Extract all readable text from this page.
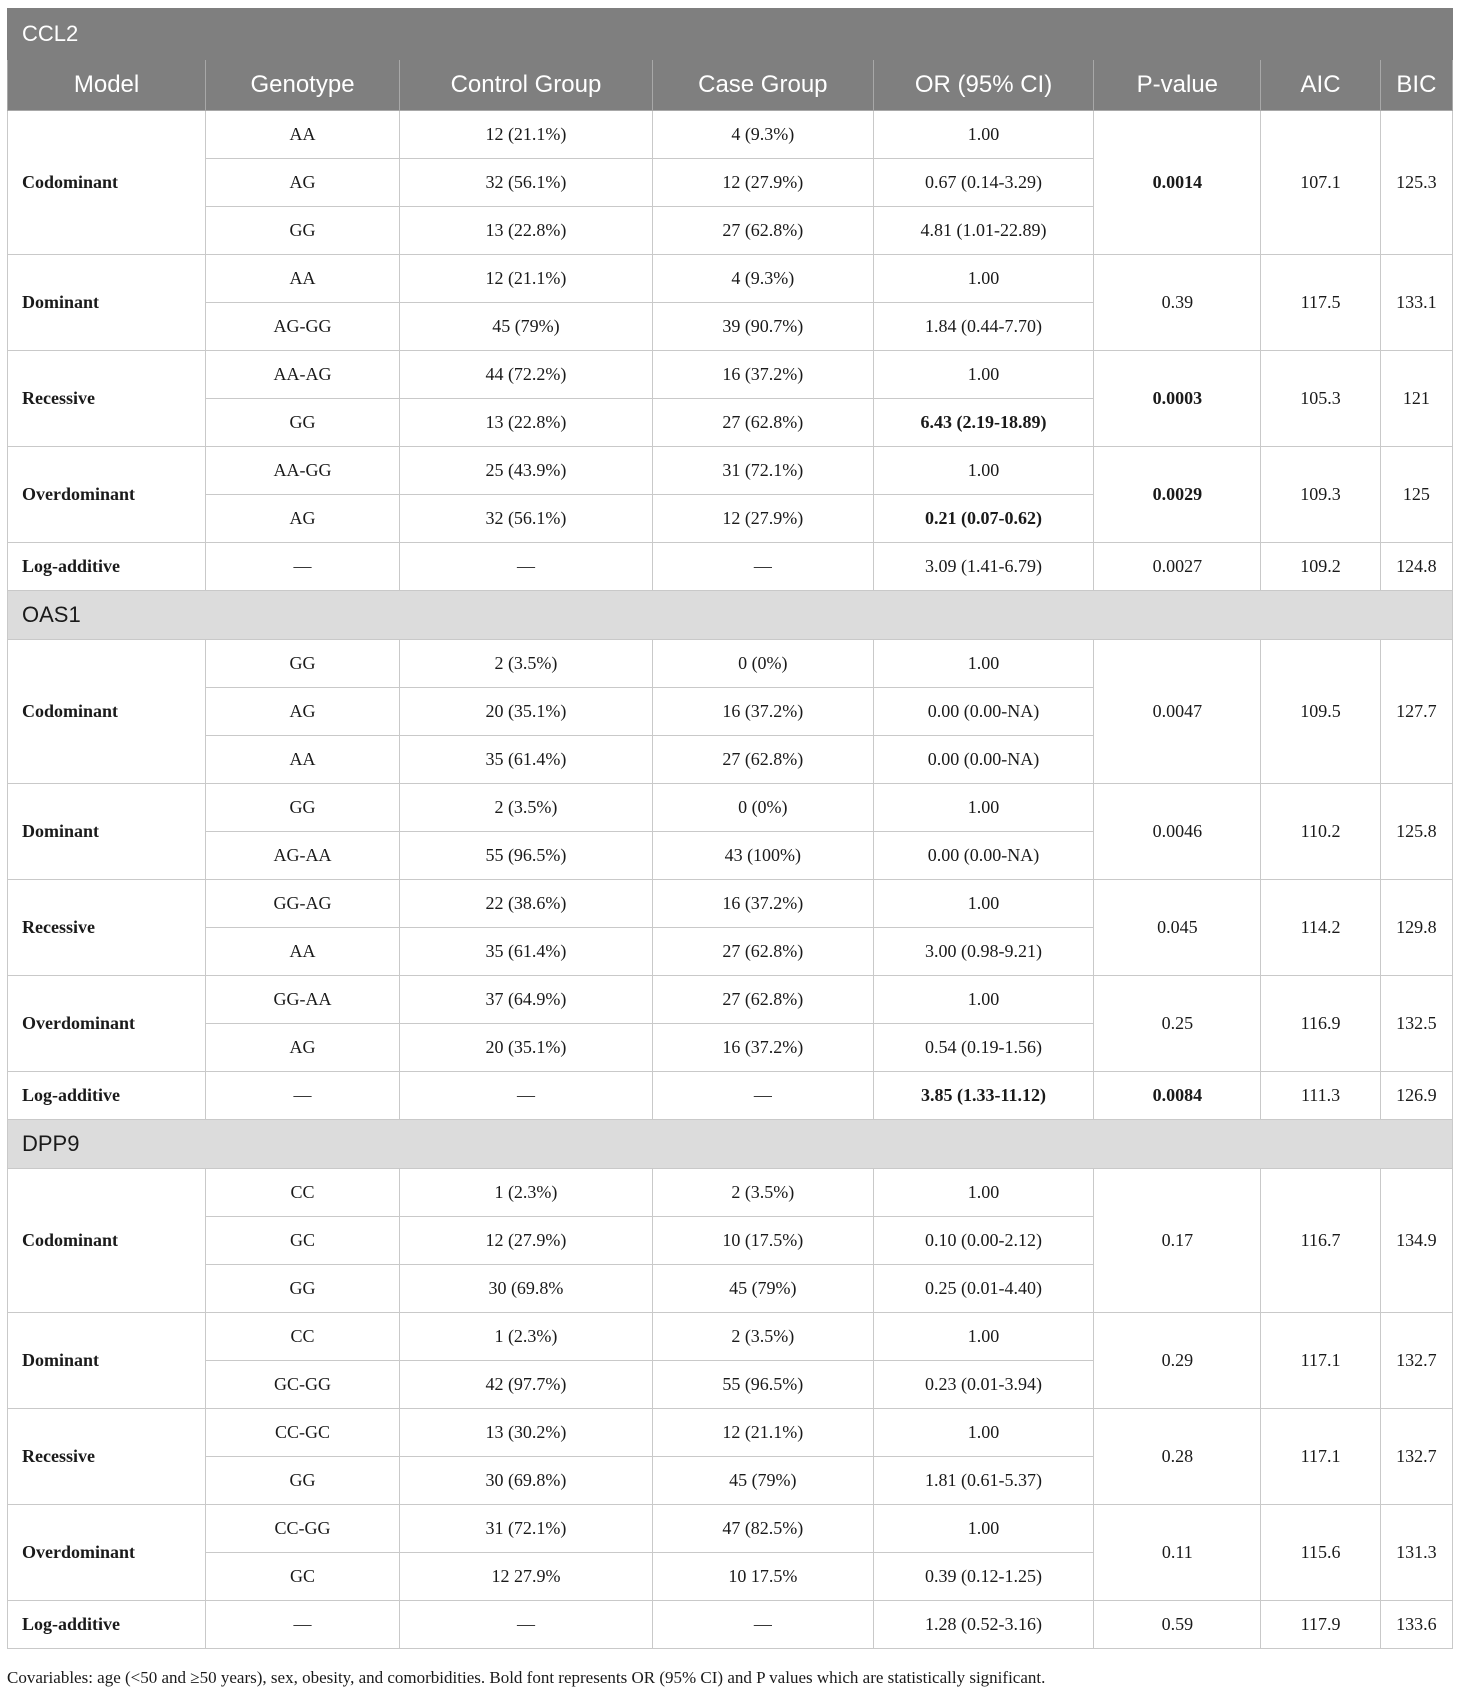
CCL2							
Model	Genotype	Control Group	Case Group	OR (95% CI)	P-value	AIC	BIC
Codominant	AA	12 (21.1%)	4 (9.3%)	1.00	0.0014	107.1	125.3
	AG	32 (56.1%)	12 (27.9%)	0.67 (0.14-3.29)			
	GG	13 (22.8%)	27 (62.8%)	4.81 (1.01-22.89)			
Dominant	AA	12 (21.1%)	4 (9.3%)	1.00	0.39	117.5	133.1
	AG-GG	45 (79%)	39 (90.7%)	1.84 (0.44-7.70)			
Recessive	AA-AG	44 (72.2%)	16 (37.2%)	1.00	0.0003	105.3	121
	GG	13 (22.8%)	27 (62.8%)	6.43 (2.19-18.89)			
Overdominant	AA-GG	25 (43.9%)	31 (72.1%)	1.00	0.0029	109.3	125
	AG	32 (56.1%)	12 (27.9%)	0.21 (0.07-0.62)			
Log-additive	—	—	—	3.09 (1.41-6.79)	0.0027	109.2	124.8
OAS1							
Codominant	GG	2 (3.5%)	0 (0%)	1.00	0.0047	109.5	127.7
	AG	20 (35.1%)	16 (37.2%)	0.00 (0.00-NA)			
	AA	35 (61.4%)	27 (62.8%)	0.00 (0.00-NA)			
Dominant	GG	2 (3.5%)	0 (0%)	1.00	0.0046	110.2	125.8
	AG-AA	55 (96.5%)	43 (100%)	0.00 (0.00-NA)			
Recessive	GG-AG	22 (38.6%)	16 (37.2%)	1.00	0.045	114.2	129.8
	AA	35 (61.4%)	27 (62.8%)	3.00 (0.98-9.21)			
Overdominant	GG-AA	37 (64.9%)	27 (62.8%)	1.00	0.25	116.9	132.5
	AG	20 (35.1%)	16 (37.2%)	0.54 (0.19-1.56)			
Log-additive	—	—	—	3.85 (1.33-11.12)	0.0084	111.3	126.9
DPP9							
Codominant	CC	1 (2.3%)	2 (3.5%)	1.00	0.17	116.7	134.9
	GC	12 (27.9%)	10 (17.5%)	0.10 (0.00-2.12)			
	GG	30 (69.8%	45 (79%)	0.25 (0.01-4.40)			
Dominant	CC	1 (2.3%)	2 (3.5%)	1.00	0.29	117.1	132.7
	GC-GG	42 (97.7%)	55 (96.5%)	0.23 (0.01-3.94)			
Recessive	CC-GC	13 (30.2%)	12 (21.1%)	1.00	0.28	117.1	132.7
	GG	30 (69.8%)	45 (79%)	1.81 (0.61-5.37)			
Overdominant	CC-GG	31 (72.1%)	47 (82.5%)	1.00	0.11	115.6	131.3
	GC	12 27.9%	10 17.5%	0.39 (0.12-1.25)			
Log-additive	—	—	—	1.28 (0.52-3.16)	0.59	117.9	133.6
Covariables: age (<50 and ≥50 years), sex, obesity, and comorbidities. Bold font represents OR (95% CI) and P values which are statistically significant.
